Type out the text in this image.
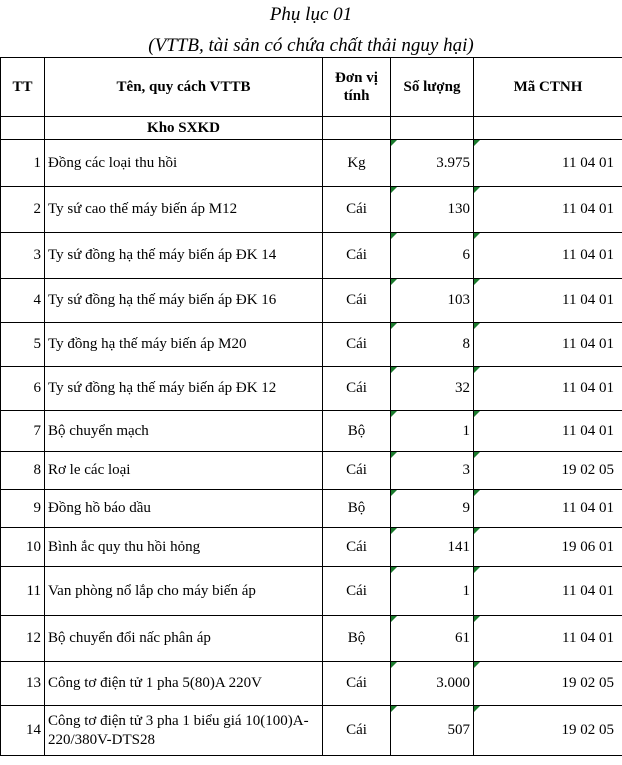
Phụ lục 01
(VTTB, tài sản có chứa chất thải nguy hại)
TT	Tên, quy cách VTTB	Đơn vị tính	Số lượng	Mã CTNH
	Kho SXKD			
1	Đồng các loại thu hồi	Kg	3.975	11 04 01
2	Ty sứ cao thế máy biến áp M12	Cái	130	11 04 01
3	Ty sứ đồng hạ thế máy biến áp ĐK 14	Cái	6	11 04 01
4	Ty sứ đồng hạ thế máy biến áp ĐK 16	Cái	103	11 04 01
5	Ty đồng hạ thế máy biến áp M20	Cái	8	11 04 01
6	Ty sứ đồng hạ thế máy biến áp ĐK 12	Cái	32	11 04 01
7	Bộ chuyển mạch	Bộ	1	11 04 01
8	Rơ le các loại	Cái	3	19 02 05
9	Đồng hồ báo dầu	Bộ	9	11 04 01
10	Bình ắc quy thu hồi hỏng	Cái	141	19 06 01
11	Van phòng nổ lắp cho máy biến áp	Cái	1	11 04 01
12	Bộ chuyển đổi nấc phân áp	Bộ	61	11 04 01
13	Công tơ điện tử 1 pha 5(80)A 220V	Cái	3.000	19 02 05
14	Công tơ điện tử 3 pha 1 biểu giá 10(100)A-220/380V-DTS28	Cái	507	19 02 05
